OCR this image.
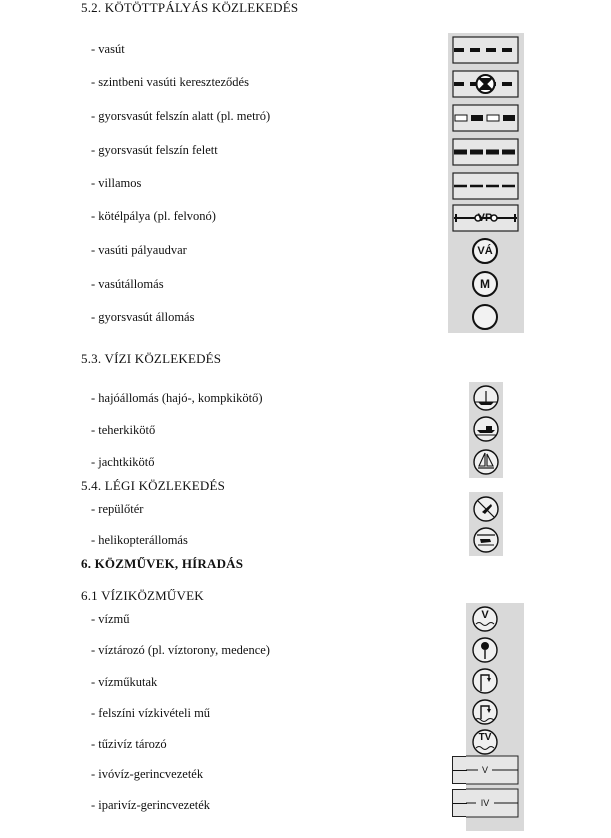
5.2. KÖTÖTTPÁLYÁS KÖZLEKEDÉS
5.3. VÍZI KÖZLEKEDÉS
5.4. LÉGI KÖZLEKEDÉS
6. KÖZMŰVEK, HÍRADÁS
6.1 VÍZIKÖZMŰVEK
- vasút
- szintbeni vasúti kereszteződés
- gyorsvasút felszín alatt (pl. metró)
- gyorsvasút felszín felett
- villamos
- kötélpálya (pl. felvonó)
- vasúti pályaudvar
- vasútállomás
- gyorsvasút állomás
- hajóállomás (hajó-, kompkikötő)
- teherkikötő
- jachtkikötő
- repülőtér
- helikopterállomás
- vízmű
- víztározó (pl. víztorony, medence)
- vízműkutak
- felszíni vízkivételi mű
- tűzivíz tározó
- ivóvíz-gerincvezeték
- iparivíz-gerincvezeték
VP
VÁ
M
V
TV
V
IV
